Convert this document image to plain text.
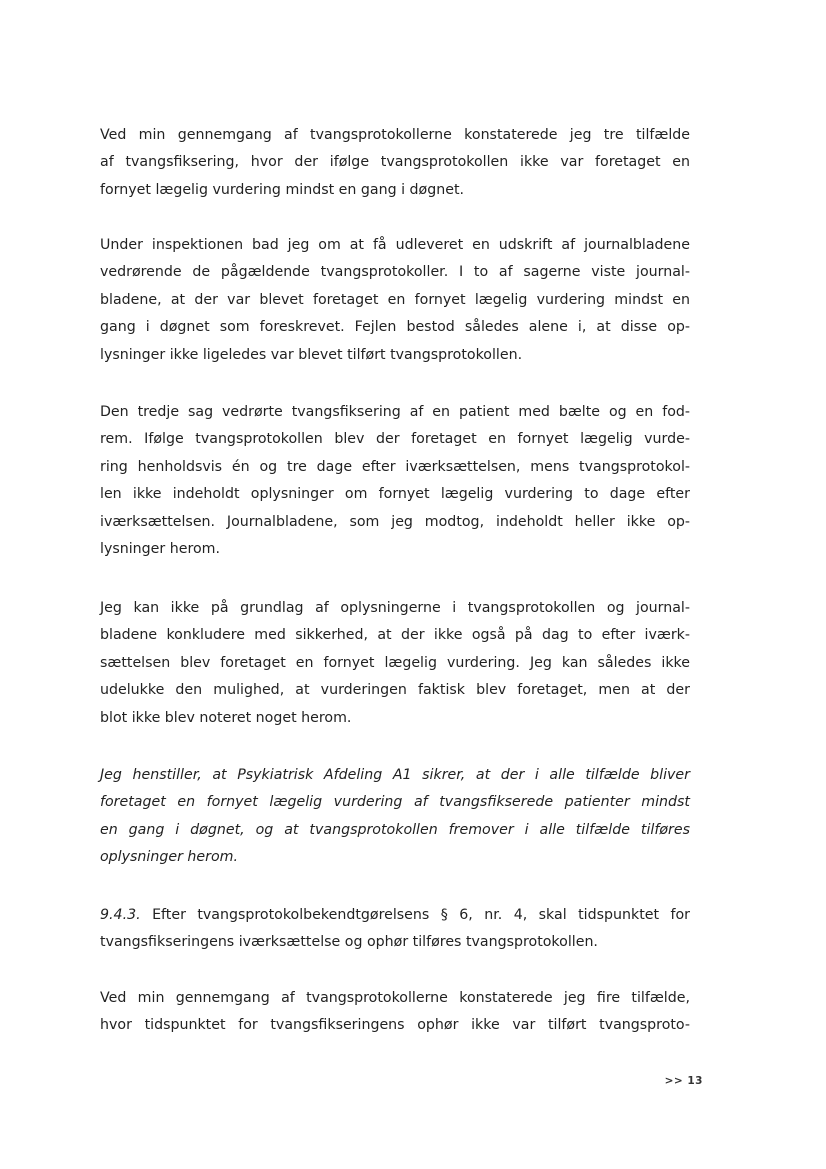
Ved min gennemgang af tvangsprotokollerne konstaterede jeg tre tilfælde
af tvangsfiksering, hvor der ifølge tvangsprotokollen ikke var foretaget en
fornyet lægelig vurdering mindst en gang i døgnet.

Under inspektionen bad jeg om at få udleveret en udskrift af journalbladene
vedrørende de pågældende tvangsprotokoller. I to af sagerne viste journal-
bladene, at der var blevet foretaget en fornyet lægelig vurdering mindst en
gang i døgnet som foreskrevet. Fejlen bestod således alene i, at disse op-
lysninger ikke ligeledes var blevet tilført tvangsprotokollen.

Den tredje sag vedrørte tvangsfiksering af en patient med bælte og en fod-
rem. Ifølge tvangsprotokollen blev der foretaget en fornyet lægelig vurde-
ring henholdsvis én og tre dage efter iværksættelsen, mens tvangsprotokol-
len ikke indeholdt oplysninger om fornyet lægelig vurdering to dage efter
iværksættelsen. Journalbladene, som jeg modtog, indeholdt heller ikke op-
lysninger herom.

Jeg kan ikke på grundlag af oplysningerne i tvangsprotokollen og journal-
bladene konkludere med sikkerhed, at der ikke også på dag to efter iværk-
sættelsen blev foretaget en fornyet lægelig vurdering. Jeg kan således ikke
udelukke den mulighed, at vurderingen faktisk blev foretaget, men at der
blot ikke blev noteret noget herom.

Jeg henstiller, at Psykiatrisk Afdeling A1 sikrer, at der i alle tilfælde bliver
foretaget en fornyet lægelig vurdering af tvangsfikserede patienter mindst
en gang i døgnet, og at tvangsprotokollen fremover i alle tilfælde tilføres
oplysninger herom.

9.4.3. Efter tvangsprotokolbekendtgørelsens § 6, nr. 4, skal tidspunktet for
tvangsfikseringens iværksættelse og ophør tilføres tvangsprotokollen.

Ved min gennemgang af tvangsprotokollerne konstaterede jeg fire tilfælde,
hvor tidspunktet for tvangsfikseringens ophør ikke var tilført tvangsproto-

>> 13
